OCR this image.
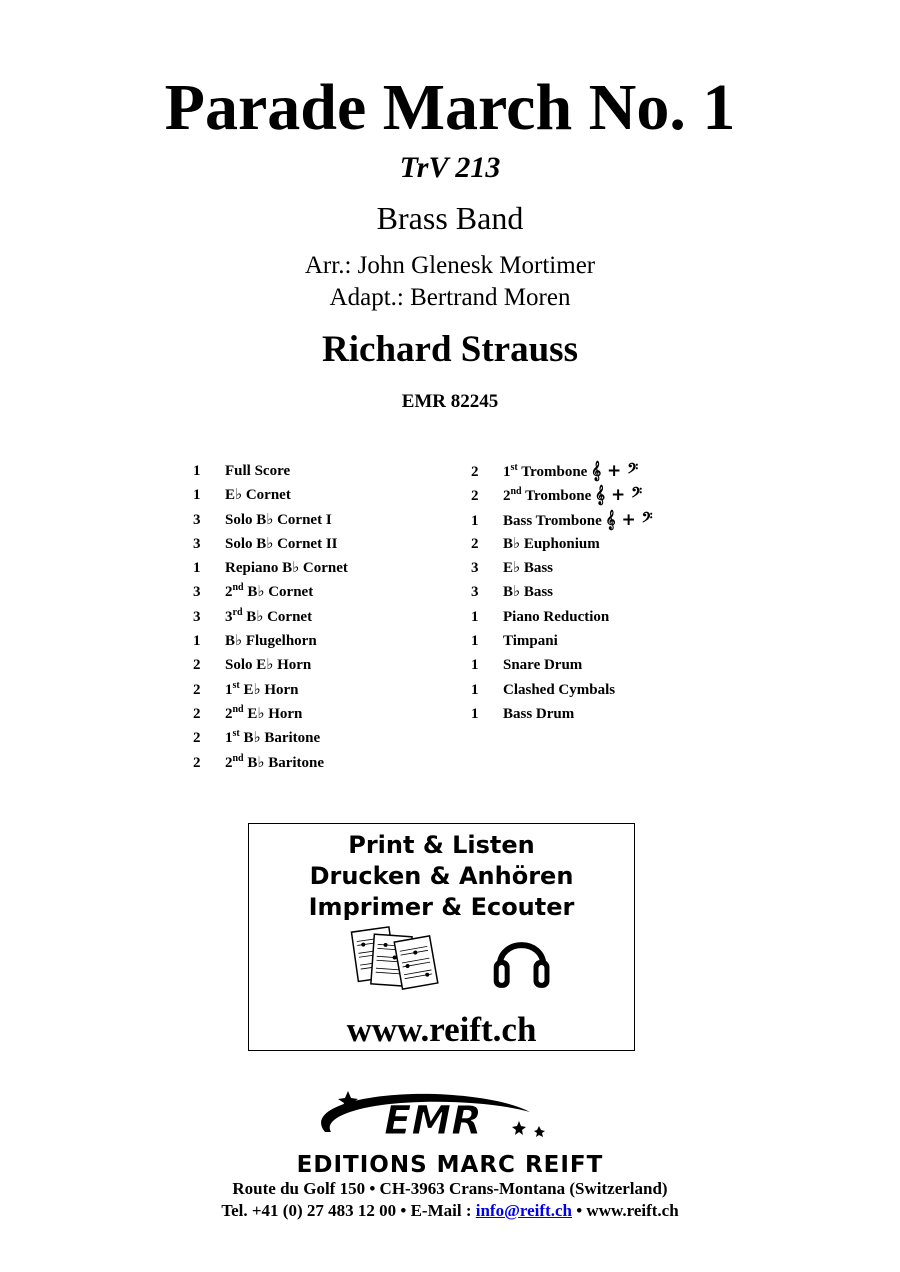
Parade March No. 1
TrV 213
Brass Band
Arr.: John Glenesk Mortimer
Adapt.: Bertrand Moren
Richard Strauss
EMR 82245
1 Full Score
1 E♭ Cornet
3 Solo B♭ Cornet I
3 Solo B♭ Cornet II
1 Repiano B♭ Cornet
3 2nd B♭ Cornet
3 3rd B♭ Cornet
1 B♭ Flugelhorn
2 Solo E♭ Horn
2 1st E♭ Horn
2 2nd E♭ Horn
2 1st B♭ Baritone
2 2nd B♭ Baritone
2 1st Trombone 𝄞 + 𝄢
2 2nd Trombone 𝄞 + 𝄢
1 Bass Trombone 𝄞 + 𝄢
2 B♭ Euphonium
3 E♭ Bass
3 B♭ Bass
1 Piano Reduction
1 Timpani
1 Snare Drum
1 Clashed Cymbals
1 Bass Drum
Print & Listen
Drucken & Anhören
Imprimer & Ecouter
www.reift.ch
EMR
EDITIONS MARC REIFT
Route du Golf 150 • CH-3963 Crans-Montana (Switzerland)
Tel. +41 (0) 27 483 12 00 • E-Mail : info@reift.ch • www.reift.ch
